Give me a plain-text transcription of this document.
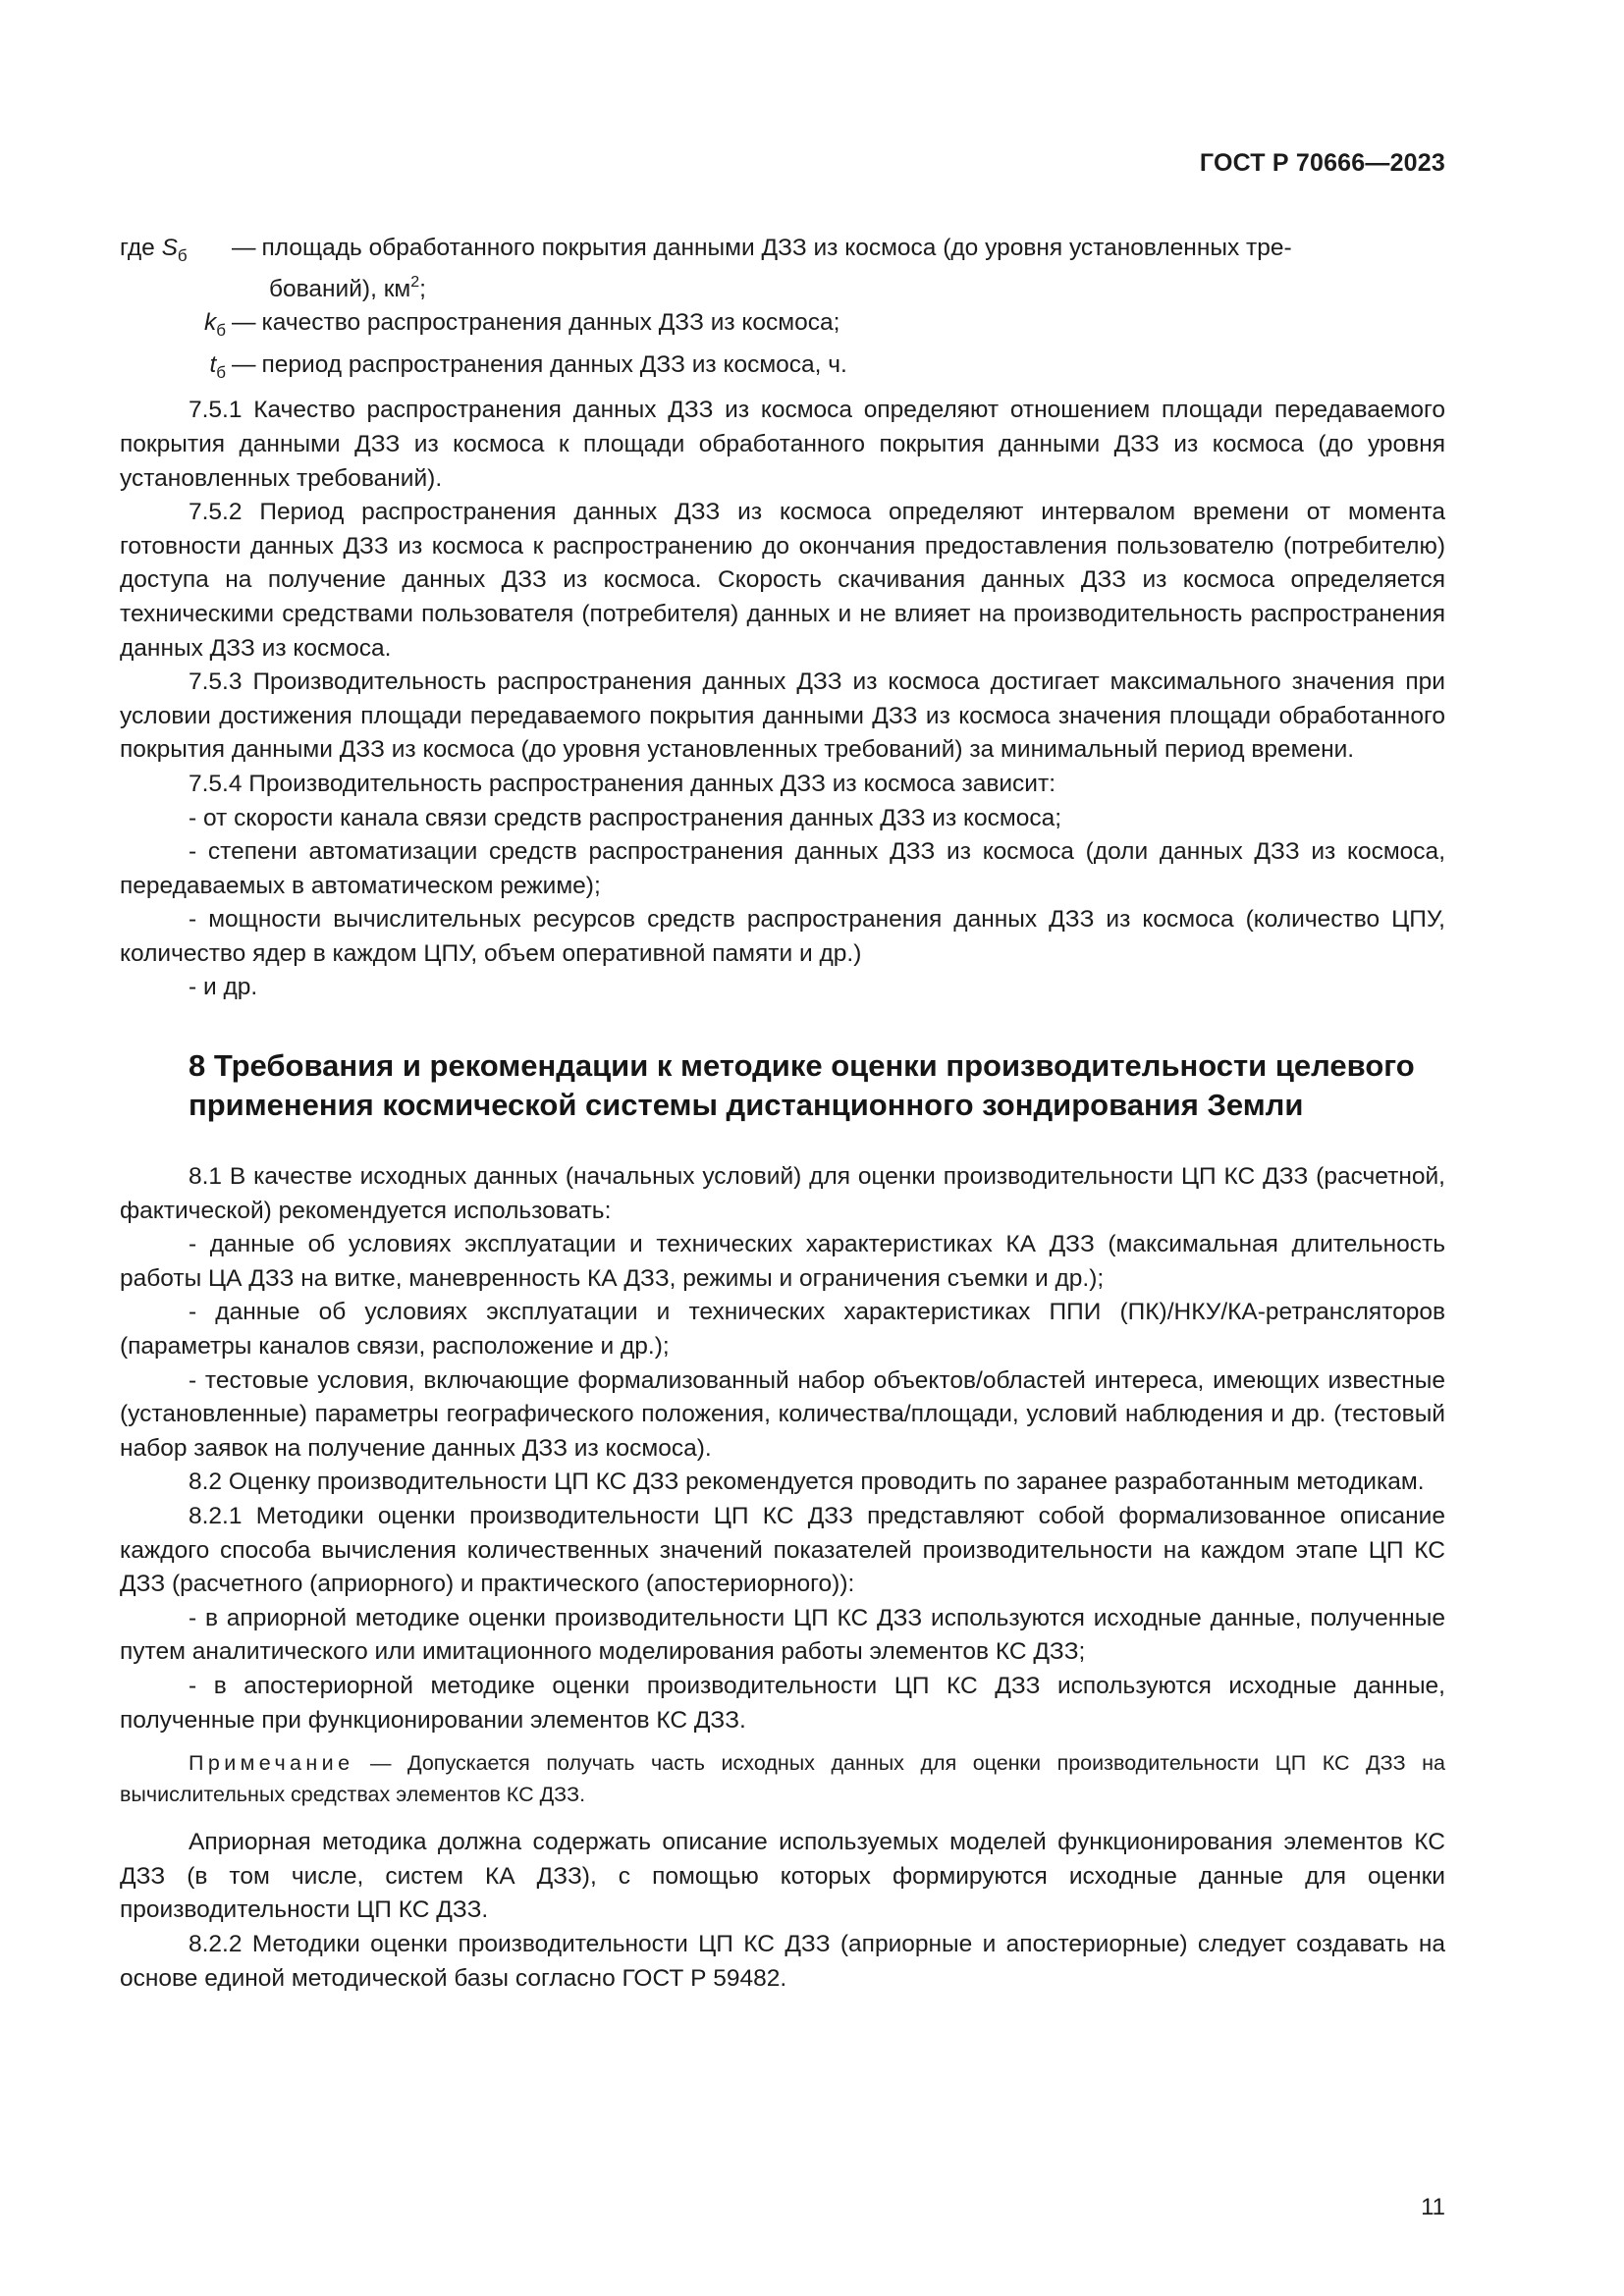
ГОСТ Р 70666—2023
где $S_б$	— площадь обработанного покрытия данными ДЗЗ из космоса (до уровня установленных тре-
бований), $км^2$;
$k_б$ — качество распространения данных ДЗЗ из космоса;
$t_б$ — период распространения данных ДЗЗ из космоса, ч.

7.5.1 Качество распространения данных ДЗЗ из космоса определяют отношением площади передаваемого покрытия данными ДЗЗ из космоса к площади обработанного покрытия данными ДЗЗ из космоса (до уровня установленных требований).

7.5.2 Период распространения данных ДЗЗ из космоса определяют интервалом времени от момента готовности данных ДЗЗ из космоса к распространению до окончания предоставления пользователю (потребителю) доступа на получение данных ДЗЗ из космоса. Скорость скачивания данных ДЗЗ из космоса определяется техническими средствами пользователя (потребителя) данных и не влияет на производительность распространения данных ДЗЗ из космоса.

7.5.3 Производительность распространения данных ДЗЗ из космоса достигает максимального значения при условии достижения площади передаваемого покрытия данными ДЗЗ из космоса значения площади обработанного покрытия данными ДЗЗ из космоса (до уровня установленных требований) за минимальный период времени.

7.5.4 Производительность распространения данных ДЗЗ из космоса зависит:

- от скорости канала связи средств распространения данных ДЗЗ из космоса;

- степени автоматизации средств распространения данных ДЗЗ из космоса (доли данных ДЗЗ из космоса, передаваемых в автоматическом режиме);

- мощности вычислительных ресурсов средств распространения данных ДЗЗ из космоса (количество ЦПУ, количество ядер в каждом ЦПУ, объем оперативной памяти и др.)

- и др.

8 Требования и рекомендации к методике оценки производительности целевого применения космической системы дистанционного зондирования Земли

8.1 В качестве исходных данных (начальных условий) для оценки производительности ЦП КС ДЗЗ (расчетной, фактической) рекомендуется использовать:

- данные об условиях эксплуатации и технических характеристиках КА ДЗЗ (максимальная длительность работы ЦА ДЗЗ на витке, маневренность КА ДЗЗ, режимы и ограничения съемки и др.);

- данные об условиях эксплуатации и технических характеристиках ППИ (ПК)/НКУ/КА-ретрансляторов (параметры каналов связи, расположение и др.);

- тестовые условия, включающие формализованный набор объектов/областей интереса, имеющих известные (установленные) параметры географического положения, количества/площади, условий наблюдения и др. (тестовый набор заявок на получение данных ДЗЗ из космоса).

8.2 Оценку производительности ЦП КС ДЗЗ рекомендуется проводить по заранее разработанным методикам.

8.2.1 Методики оценки производительности ЦП КС ДЗЗ представляют собой формализованное описание каждого способа вычисления количественных значений показателей производительности на каждом этапе ЦП КС ДЗЗ (расчетного (априорного) и практического (апостериорного)):

- в априорной методике оценки производительности ЦП КС ДЗЗ используются исходные данные, полученные путем аналитического или имитационного моделирования работы элементов КС ДЗЗ;

- в апостериорной методике оценки производительности ЦП КС ДЗЗ используются исходные данные, полученные при функционировании элементов КС ДЗЗ.

Примечание — Допускается получать часть исходных данных для оценки производительности ЦП КС ДЗЗ на вычислительных средствах элементов КС ДЗЗ.

Априорная методика должна содержать описание используемых моделей функционирования элементов КС ДЗЗ (в том числе, систем КА ДЗЗ), с помощью которых формируются исходные данные для оценки производительности ЦП КС ДЗЗ.

8.2.2 Методики оценки производительности ЦП КС ДЗЗ (априорные и апостериорные) следует создавать на основе единой методической базы согласно ГОСТ Р 59482.

11
